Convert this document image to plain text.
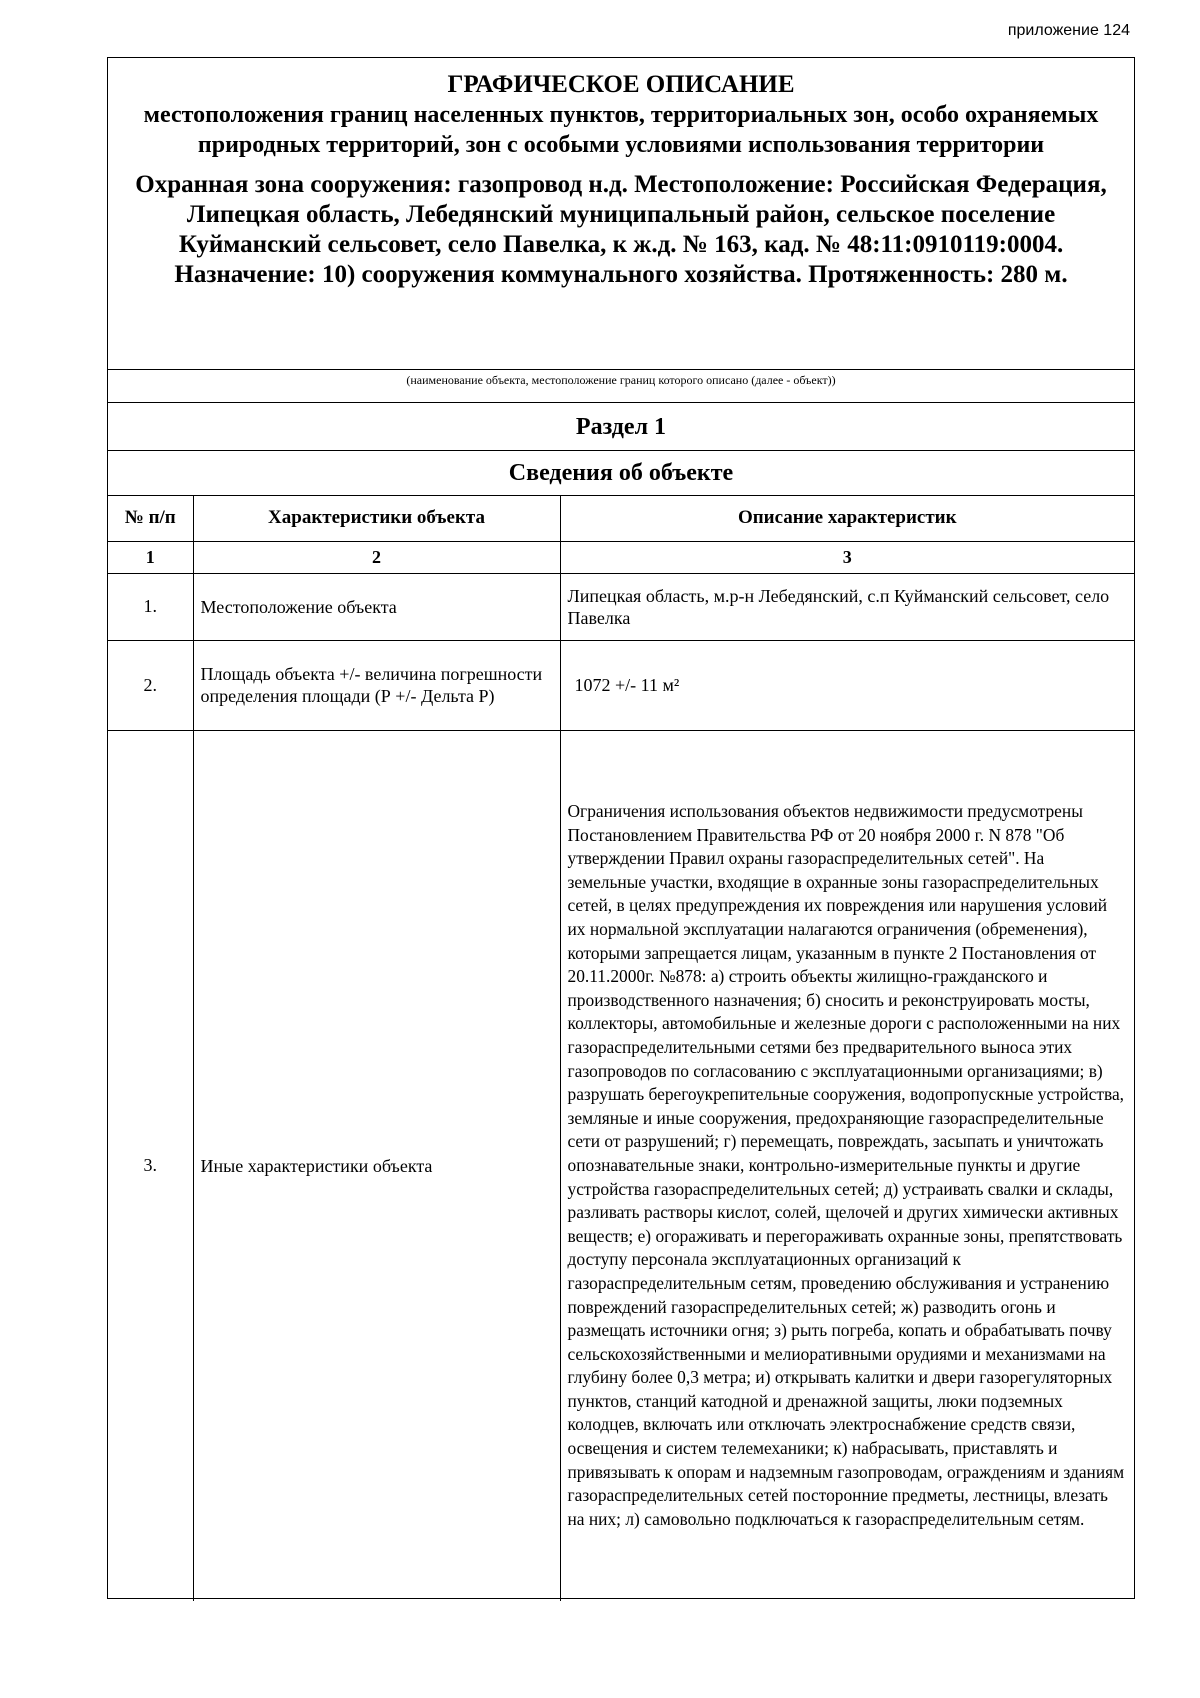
приложение 124
ГРАФИЧЕСКОЕ ОПИСАНИЕ
местоположения границ населенных пунктов, территориальных зон, особо охраняемых природных территорий, зон с особыми условиями использования территории
Охранная зона сооружения: газопровод н.д. Местоположение: Российская Федерация, Липецкая область, Лебедянский муниципальный район, сельское поселение Куйманский сельсовет, село Павелка, к ж.д. № 163, кад. № 48:11:0910119:0004. Назначение: 10) сооружения коммунального хозяйства. Протяженность: 280 м.
(наименование объекта, местоположение границ которого описано (далее - объект))
Раздел 1
Сведения об объекте
№ п/п	Характеристики объекта	Описание характеристик
1	2	3
1.	Местоположение объекта	Липецкая область, м.р-н Лебедянский, с.п Куйманский сельсовет, село Павелка
2.	Площадь объекта +/- величина погрешности определения площади (Р +/- Дельта Р)	1072 +/- 11 м²
3.	Иные характеристики объекта	Ограничения использования объектов недвижимости предусмотрены Постановлением Правительства РФ от 20 ноября 2000 г. N 878 "Об утверждении Правил охраны газораспределительных сетей". На земельные участки, входящие в охранные зоны газораспределительных сетей, в целях предупреждения их повреждения или нарушения условий их нормальной эксплуатации налагаются ограничения (обременения), которыми запрещается лицам, указанным в пункте 2 Постановления от 20.11.2000г. №878: а) строить объекты жилищно-гражданского и производственного назначения; б) сносить и реконструировать мосты, коллекторы, автомобильные и железные дороги с расположенными на них газораспределительными сетями без предварительного выноса этих газопроводов по согласованию с эксплуатационными организациями; в) разрушать берегоукрепительные сооружения, водопропускные устройства, земляные и иные сооружения, предохраняющие газораспределительные сети от разрушений; г) перемещать, повреждать, засыпать и уничтожать опознавательные знаки, контрольно-измерительные пункты и другие устройства газораспределительных сетей; д) устраивать свалки и склады, разливать растворы кислот, солей, щелочей и других химически активных веществ; е) огораживать и перегораживать охранные зоны, препятствовать доступу персонала эксплуатационных организаций к газораспределительным сетям, проведению обслуживания и устранению повреждений газораспределительных сетей; ж) разводить огонь и размещать источники огня; з) рыть погреба, копать и обрабатывать почву сельскохозяйственными и мелиоративными орудиями и механизмами на глубину более 0,3 метра; и) открывать калитки и двери газорегуляторных пунктов, станций катодной и дренажной защиты, люки подземных колодцев, включать или отключать электроснабжение средств связи, освещения и систем телемеханики; к) набрасывать, приставлять и привязывать к опорам и надземным газопроводам, ограждениям и зданиям газораспределительных сетей посторонние предметы, лестницы, влезать на них; л) самовольно подключаться к газораспределительным сетям.
